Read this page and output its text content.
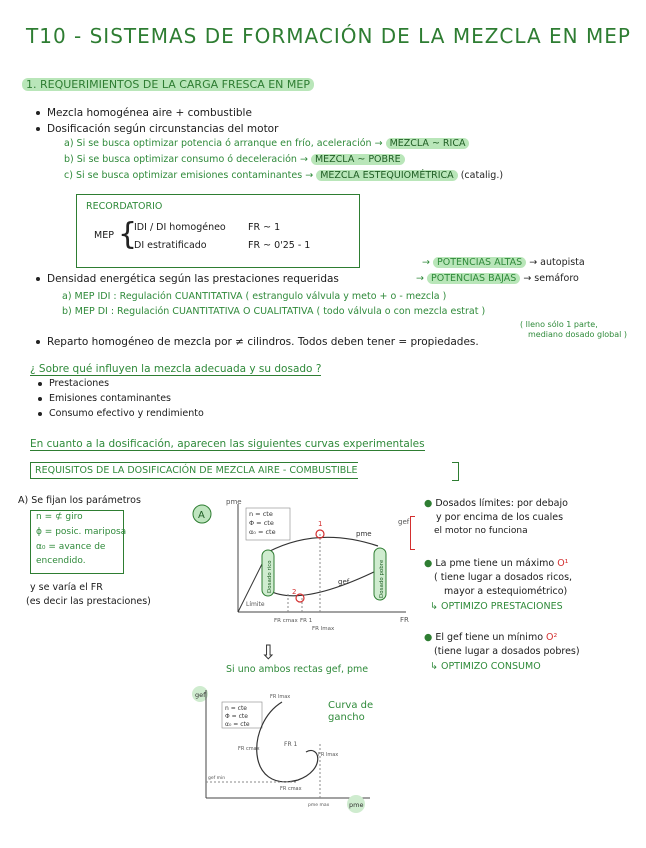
T10 - SISTEMAS DE FORMACIÓN DE LA MEZCLA EN MEP
1. REQUERIMIENTOS DE LA CARGA FRESCA EN MEP
Mezcla homogénea aire + combustible
Dosificación según circunstancias del motor
a) Si se busca optimizar potencia ó arranque en frío, aceleración → MEZCLA ~ RICA
b) Si se busca optimizar consumo ó deceleración → MEZCLA ~ POBRE
c) Si se busca optimizar emisiones contaminantes → MEZCLA ESTEQUIOMÉTRICA (catalig.)
RECORDATORIO
MEP {
IDI / DI homogéneo FR ~ 1
DI estratificado	FR ~ 0'25 - 1
→ POTENCIAS ALTAS → autopista
Densidad energética según las prestaciones requeridas	→ POTENCIAS BAJAS → semáforo
a) MEP IDI : Regulación CUANTITATIVA ( estrangulo válvula y meto + o - mezcla )
b) MEP DI : Regulación CUANTITATIVA O CUALITATIVA ( todo válvula o con mezcla estrat )
( lleno sólo 1 parte,
mediano dosado global )
Reparto homogéneo de mezcla por ≠ cilindros. Todos deben tener = propiedades.
¿ Sobre qué influyen la mezcla adecuada y su dosado ?
Prestaciones
Emisiones contaminantes
Consumo efectivo y rendimiento
En cuanto a la dosificación, aparecen las siguientes curvas experimentales
REQUISITOS DE LA DOSIFICACIÓN DE MEZCLA AIRE - COMBUSTIBLE
A) Se fijan los parámetros
n = ⊄ giro
ϕ = posic. mariposa
α₀ = avance de
encendido.
y se varía el FR
(es decir las prestaciones)
A
pme
gef
FR
n = cte
Φ = cte
α₀ = cte	pme
gef
Límite
Dosado rico	Dosado pobre
FR cmax FR 1
FR lmax
1
2
● Dosados límites: por debajo
y por encima de los cuales
el motor no funciona
● La pme tiene un máximo O¹
( tiene lugar a dosados ricos,
mayor a estequiométrico)
↳ OPTIMIZO PRESTACIONES
● El gef tiene un mínimo O²
(tiene lugar a dosados pobres)
↳ OPTIMIZO CONSUMO
⇩
Si uno ambos rectas gef, pme
gef
pme
n = cte
Φ = cte
α₀ = cte
FR lmax
FR cmax
FR 1
FR lmax
FR cmax
gef min
pme max
Curva de gancho
